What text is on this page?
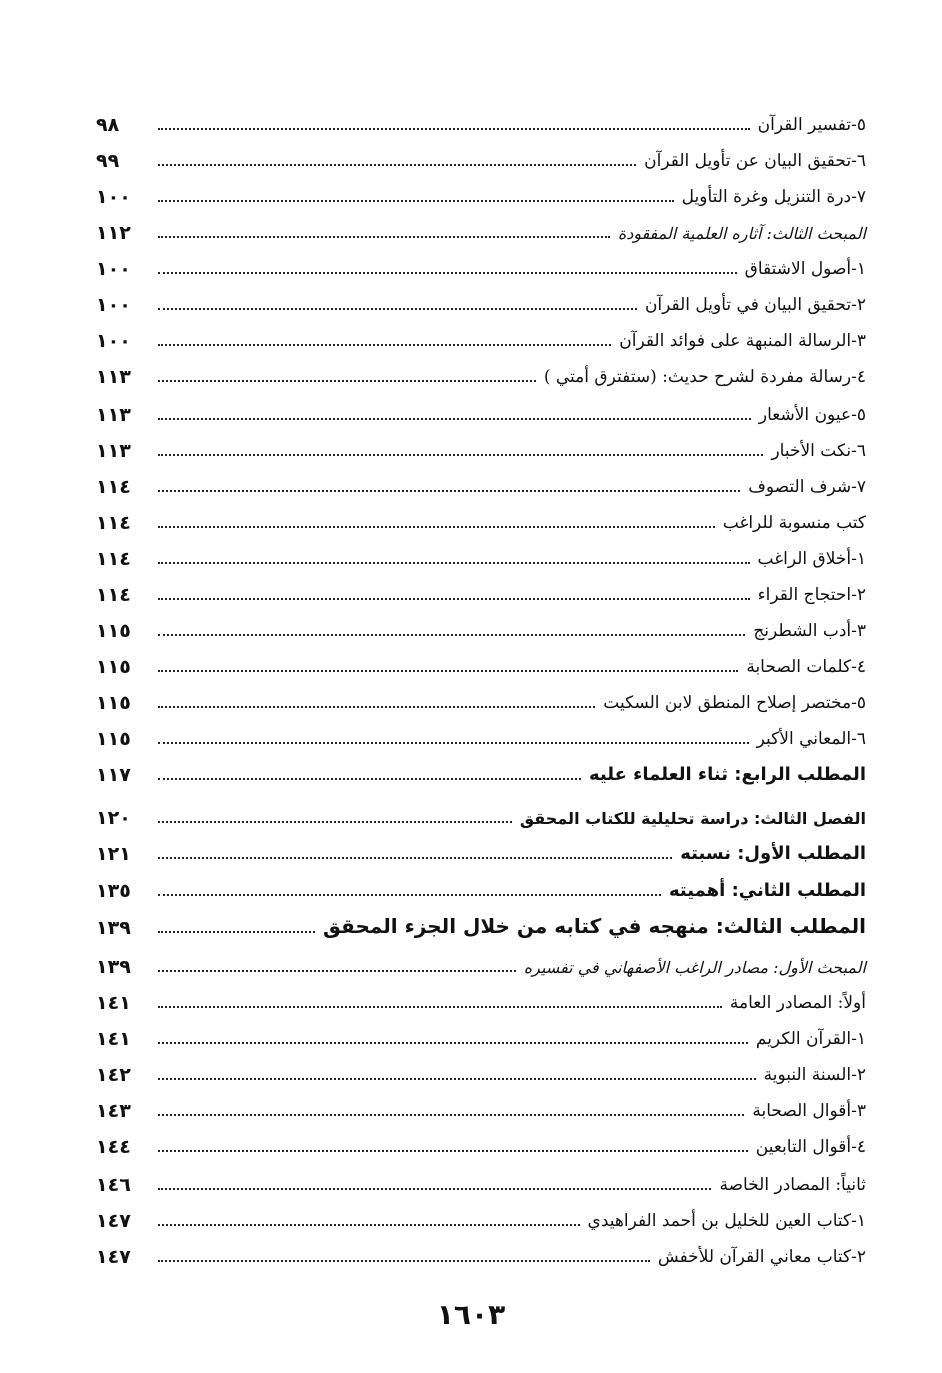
٩٨	٥-تفسير القرآن
٩٩	٦-تحقيق البيان عن تأويل القرآن
١٠٠	٧-درة التنزيل وغرة التأويل
١١٢	المبحث الثالث: آثاره العلمية المفقودة
١٠٠	١-أصول الاشتقاق
١٠٠	٢-تحقيق البيان في تأويل القرآن
١٠٠	٣-الرسالة المنبهة على فوائد القرآن
١١٣	٤-رسالة مفردة لشرح حديث: (ستفترق أمتي )
١١٣	٥-عيون الأشعار
١١٣	٦-نكت الأخبار
١١٤	٧-شرف التصوف
١١٤	كتب منسوبة للراغب
١١٤	١-أخلاق الراغب
١١٤	٢-احتجاج القراء
١١٥	٣-أدب الشطرنج
١١٥	٤-كلمات الصحابة
١١٥	٥-مختصر إصلاح المنطق لابن السكيت
١١٥	٦-المعاني الأكبر
١١٧	المطلب الرابع: ثناء العلماء عليه
١٢٠	الفصل الثالث: دراسة تحليلية للكتاب المحقق
١٢١	المطلب الأول: نسبته
١٣٥	المطلب الثاني: أهميته
١٣٩	المطلب الثالث: منهجه في كتابه من خلال الجزء المحقق
١٣٩	المبحث الأول: مصادر الراغب الأصفهاني في تفسيره
١٤١	أولاً: المصادر العامة
١٤١	١-القرآن الكريم
١٤٢	٢-السنة النبوية
١٤٣	٣-أقوال الصحابة
١٤٤	٤-أقوال التابعين
١٤٦	ثانياً: المصادر الخاصة
١٤٧	١-كتاب العين للخليل بن أحمد الفراهيدي
١٤٧	٢-كتاب معاني القرآن للأخفش
١٦٠٣
